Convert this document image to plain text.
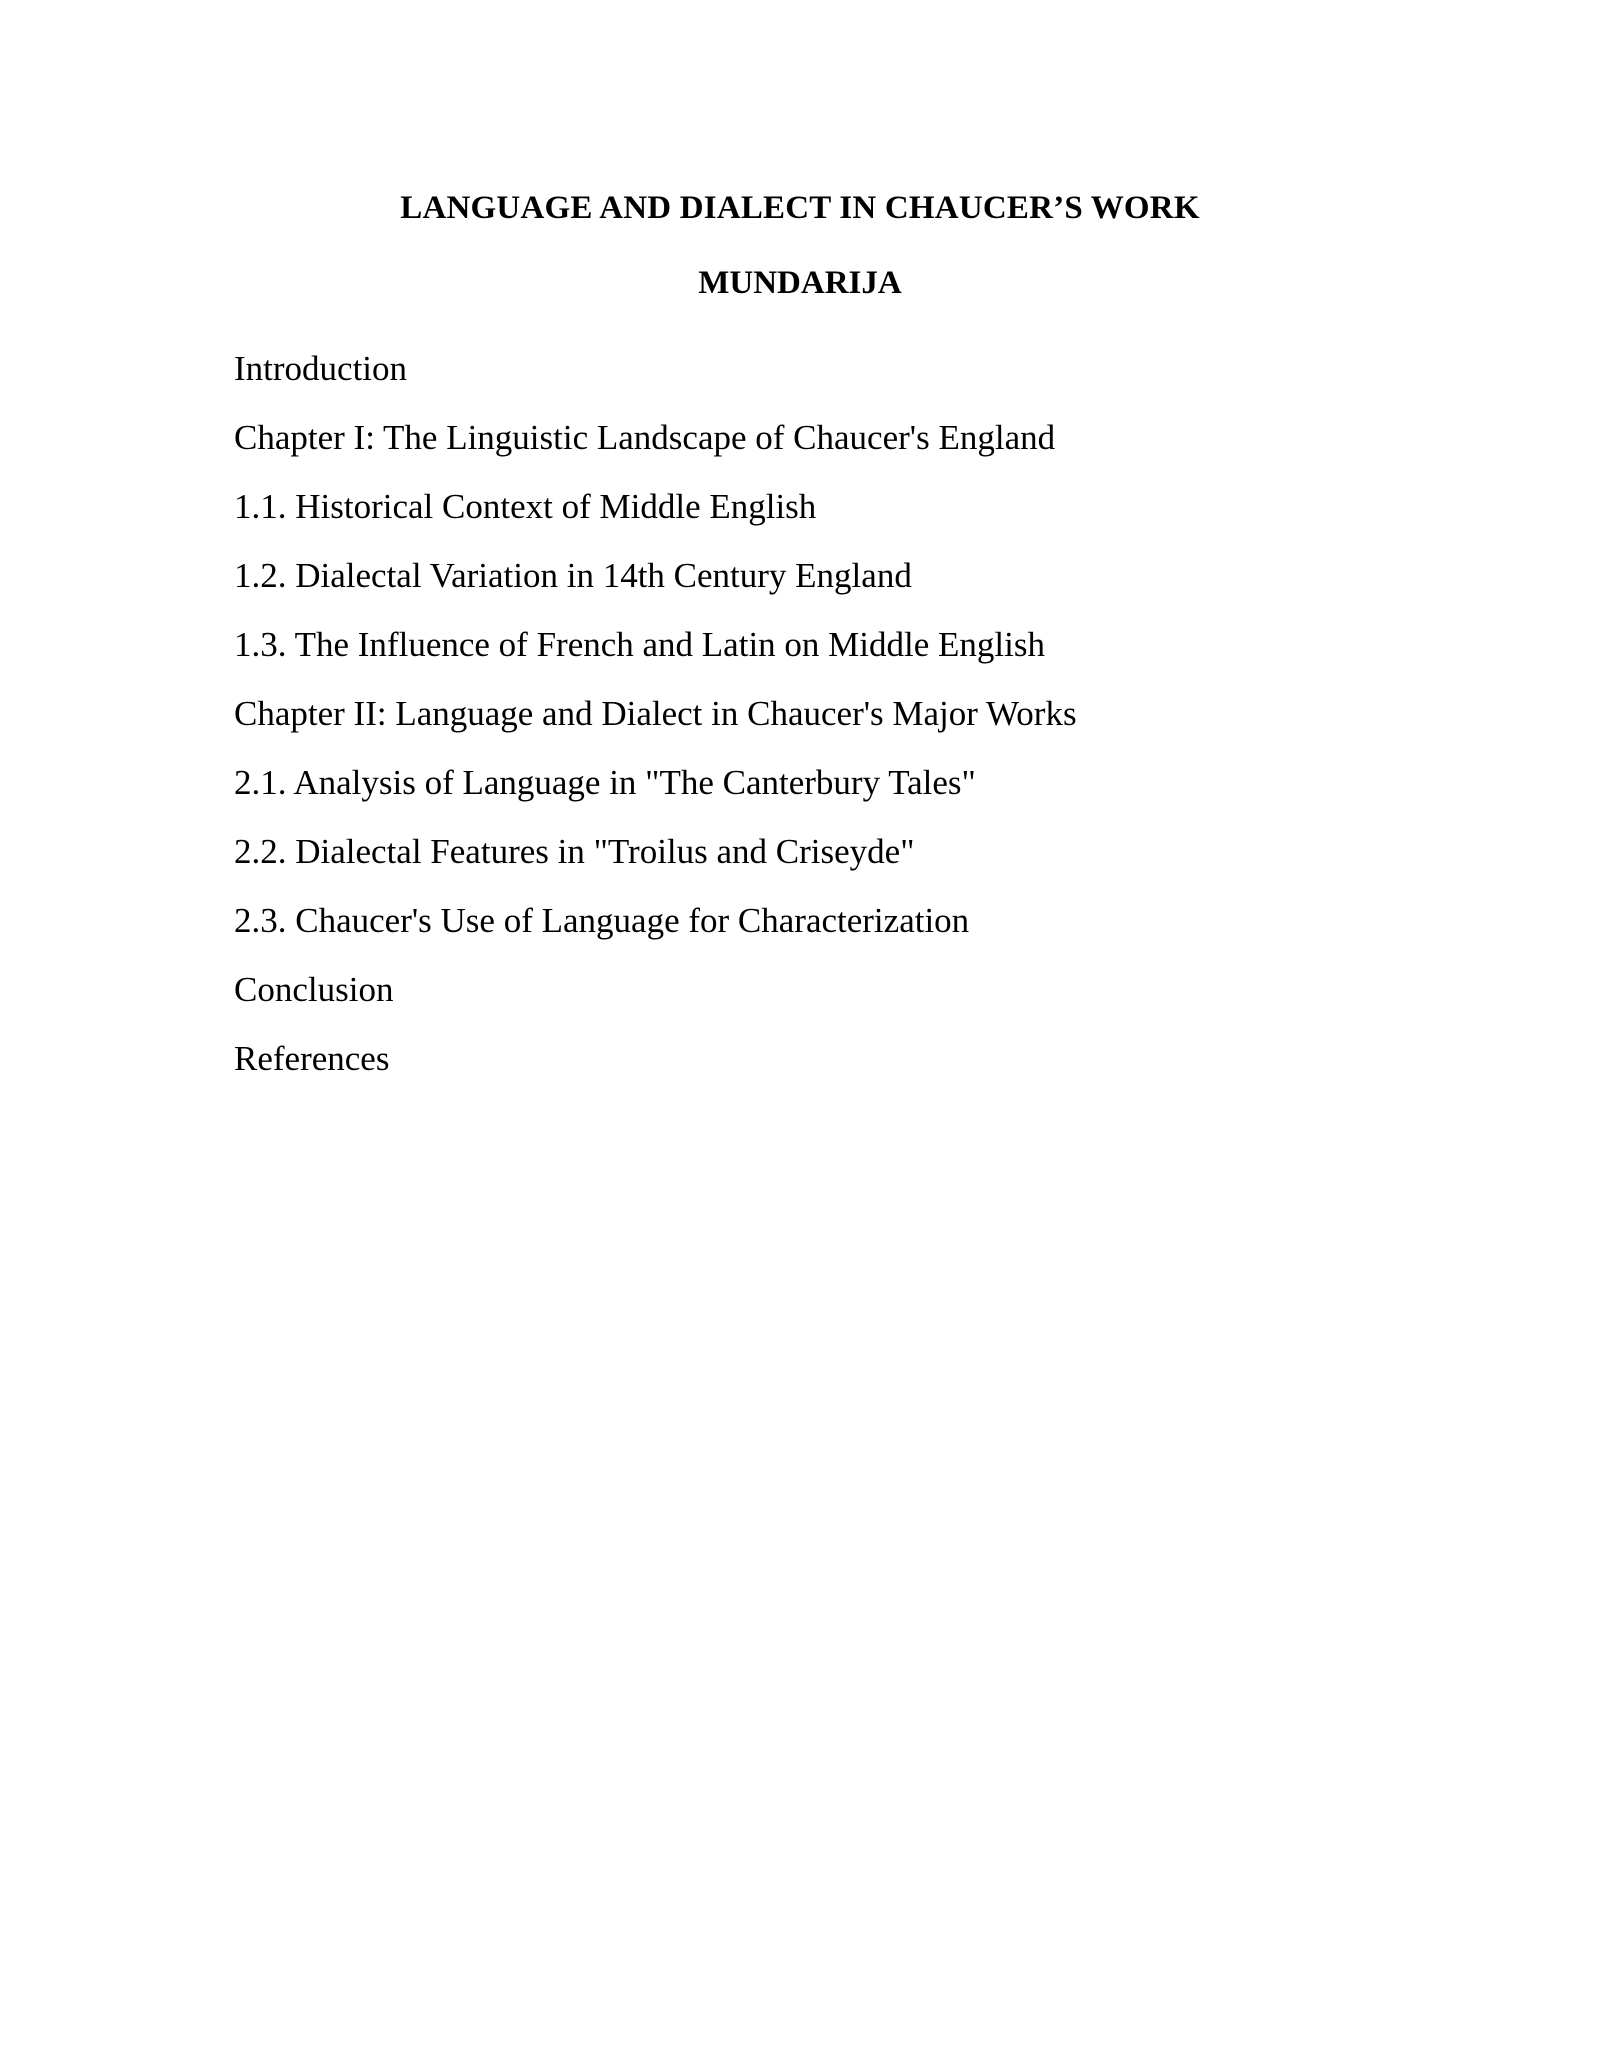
LANGUAGE AND DIALECT IN CHAUCER’S WORK
MUNDARIJA
Introduction
Chapter I: The Linguistic Landscape of Chaucer's England
1.1. Historical Context of Middle English
1.2. Dialectal Variation in 14th Century England
1.3. The Influence of French and Latin on Middle English
Chapter II: Language and Dialect in Chaucer's Major Works
2.1. Analysis of Language in "The Canterbury Tales"
2.2. Dialectal Features in "Troilus and Criseyde"
2.3. Chaucer's Use of Language for Characterization
Conclusion
References
